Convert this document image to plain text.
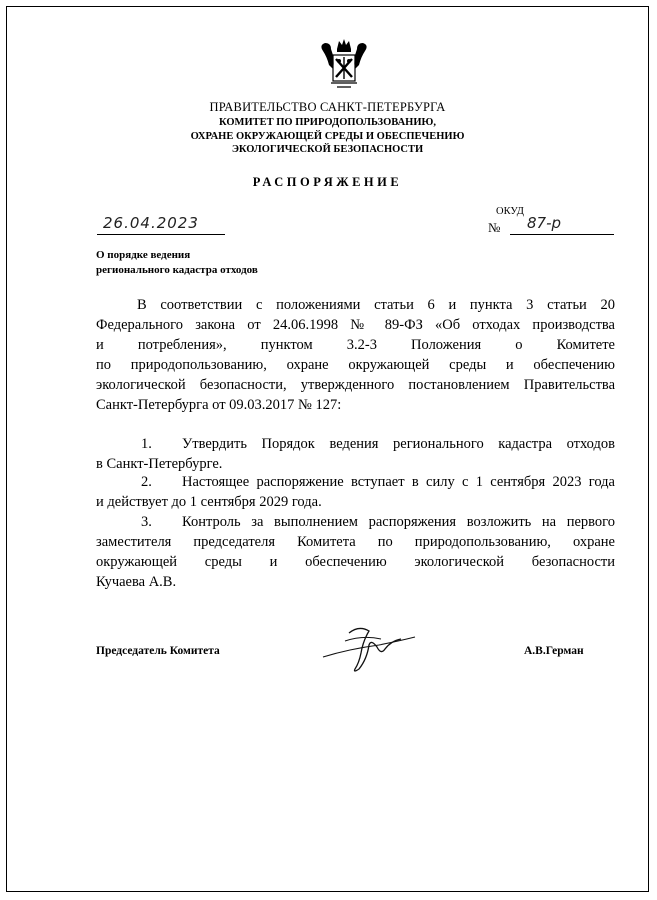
ПРАВИТЕЛЬСТВО САНКТ-ПЕТЕРБУРГА
КОМИТЕТ ПО ПРИРОДОПОЛЬЗОВАНИЮ,
ОХРАНЕ ОКРУЖАЮЩЕЙ СРЕДЫ И ОБЕСПЕЧЕНИЮ
ЭКОЛОГИЧЕСКОЙ БЕЗОПАСНОСТИ
РАСПОРЯЖЕНИЕ
26.04.2023
ОКУД
№ 87-р
О порядке ведения
регионального кадастра отходов
В соответствии с положениями статьи 6 и пункта 3 статьи 20
Федерального закона от 24.06.1998 № 89-ФЗ «Об отходах производства
и потребления», пунктом 3.2-3 Положения о Комитете
по природопользованию, охране окружающей среды и обеспечению
экологической безопасности, утвержденного постановлением Правительства
Санкт-Петербурга от 09.03.2017 № 127:
1. Утвердить Порядок ведения регионального кадастра отходов
в Санкт-Петербурге.
2. Настоящее распоряжение вступает в силу с 1 сентября 2023 года
и действует до 1 сентября 2029 года.
3. Контроль за выполнением распоряжения возложить на первого
заместителя председателя Комитета по природопользованию, охране
окружающей среды и обеспечению экологической безопасности
Кучаева А.В.
Председатель Комитета	А.В.Герман
